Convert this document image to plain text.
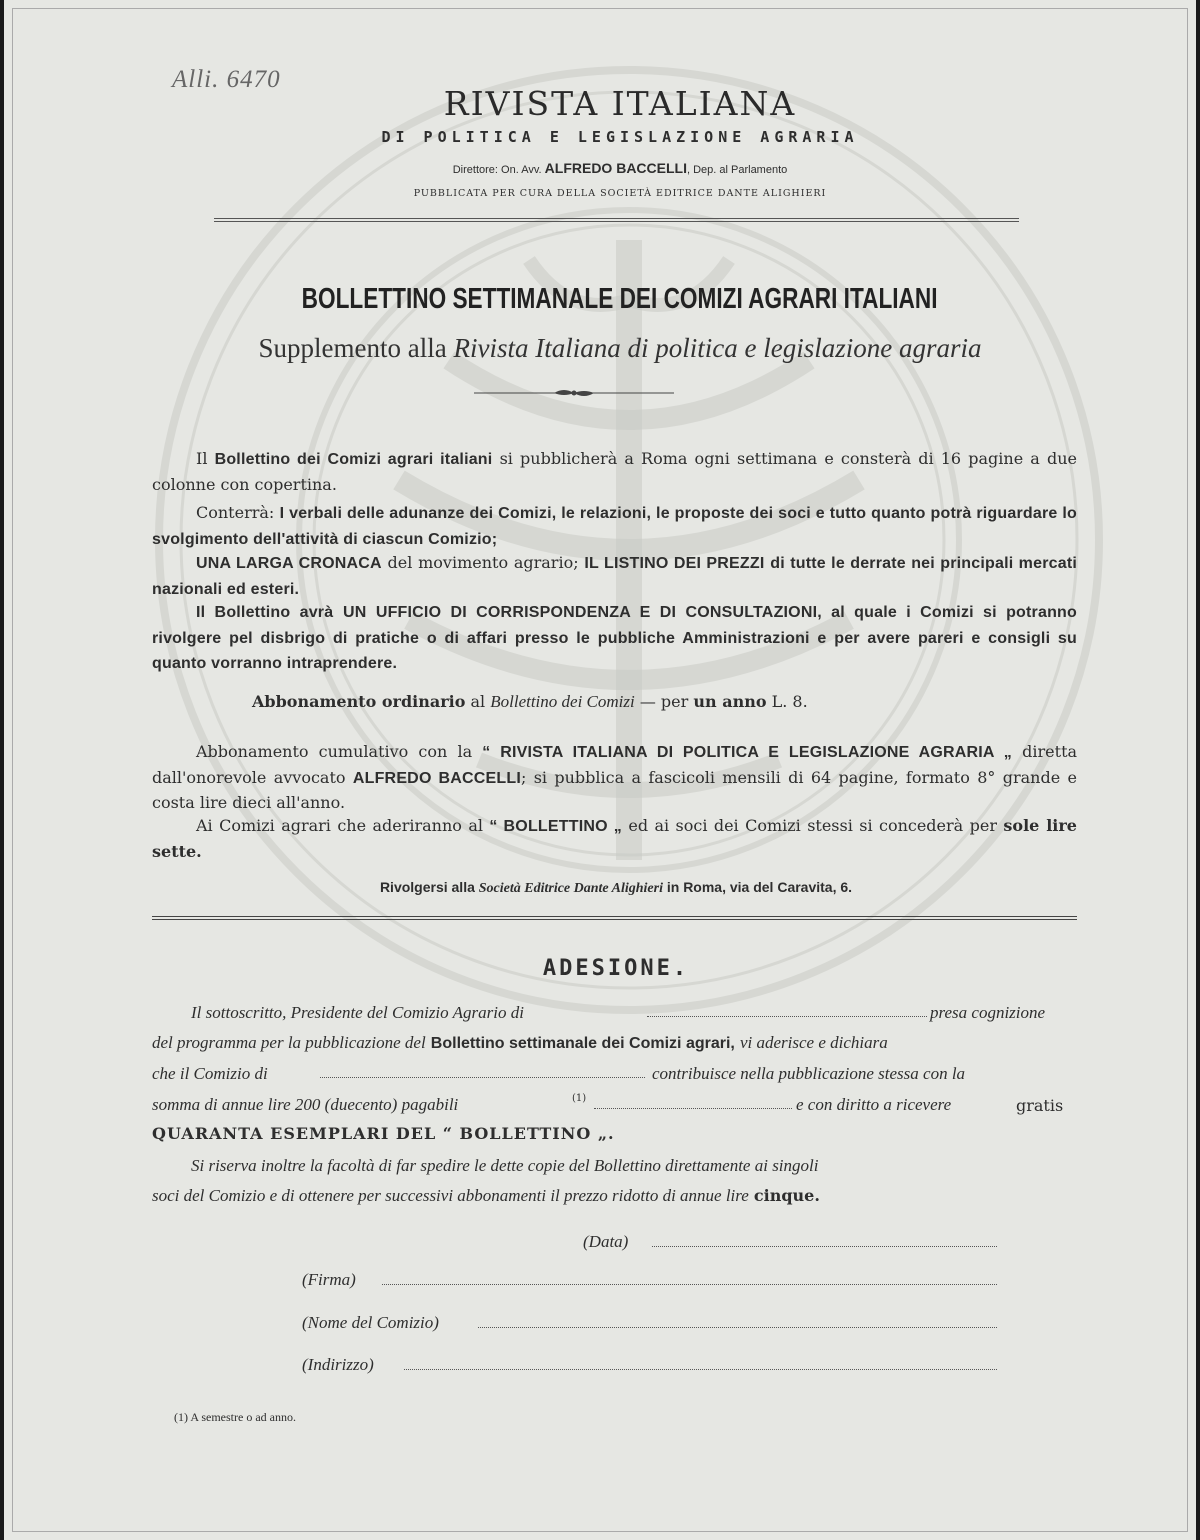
Alli. 6470
RIVISTA ITALIANA
DI POLITICA E LEGISLAZIONE AGRARIA
Direttore: On. Avv. ALFREDO BACCELLI, Dep. al Parlamento
PUBBLICATA PER CURA DELLA SOCIETÀ EDITRICE DANTE ALIGHIERI
BOLLETTINO SETTIMANALE DEI COMIZI AGRARI ITALIANI
Supplemento alla Rivista Italiana di politica e legislazione agraria
Il Bollettino dei Comizi agrari italiani si pubblicherà a Roma ogni settimana e consterà di 16 pagine a due colonne con copertina.
Conterrà: I verbali delle adunanze dei Comizi, le relazioni, le proposte dei soci e tutto quanto potrà riguardare lo svolgimento dell'attività di ciascun Comizio;
UNA LARGA CRONACA del movimento agrario; IL LISTINO DEI PREZZI di tutte le derrate nei principali mercati nazionali ed esteri.
Il Bollettino avrà UN UFFICIO DI CORRISPONDENZA E DI CONSULTAZIONI, al quale i Comizi si potranno rivolgere pel disbrigo di pratiche o di affari presso le pubbliche Amministrazioni e per avere pareri e consigli su quanto vorranno intraprendere.
Abbonamento ordinario al Bollettino dei Comizi — per un anno L. 8.
Abbonamento cumulativo con la “ RIVISTA ITALIANA DI POLITICA E LEGISLAZIONE AGRARIA „ diretta dall'onorevole avvocato ALFREDO BACCELLI; si pubblica a fascicoli mensili di 64 pagine, formato 8° grande e costa lire dieci all'anno.
Ai Comizi agrari che aderiranno al “ BOLLETTINO „ ed ai soci dei Comizi stessi si concederà per sole lire sette.
Rivolgersi alla Società Editrice Dante Alighieri in Roma, via del Caravita, 6.
ADESIONE.
Il sottoscritto, Presidente del Comizio Agrario di	presa cognizione
del programma per la pubblicazione del Bollettino settimanale dei Comizi agrari, vi aderisce e dichiara
che il Comizio di	contribuisce nella pubblicazione stessa con la
somma di annue lire 200 (duecento) pagabili	(1)	e con diritto a ricevere	gratis
QUARANTA ESEMPLARI DEL “ BOLLETTINO „.
Si riserva inoltre la facoltà di far spedire le dette copie del Bollettino direttamente ai singoli
soci del Comizio e di ottenere per successivi abbonamenti il prezzo ridotto di annue lire cinque.
(Data)
(Firma)
(Nome del Comizio)
(Indirizzo)
(1) A semestre o ad anno.
